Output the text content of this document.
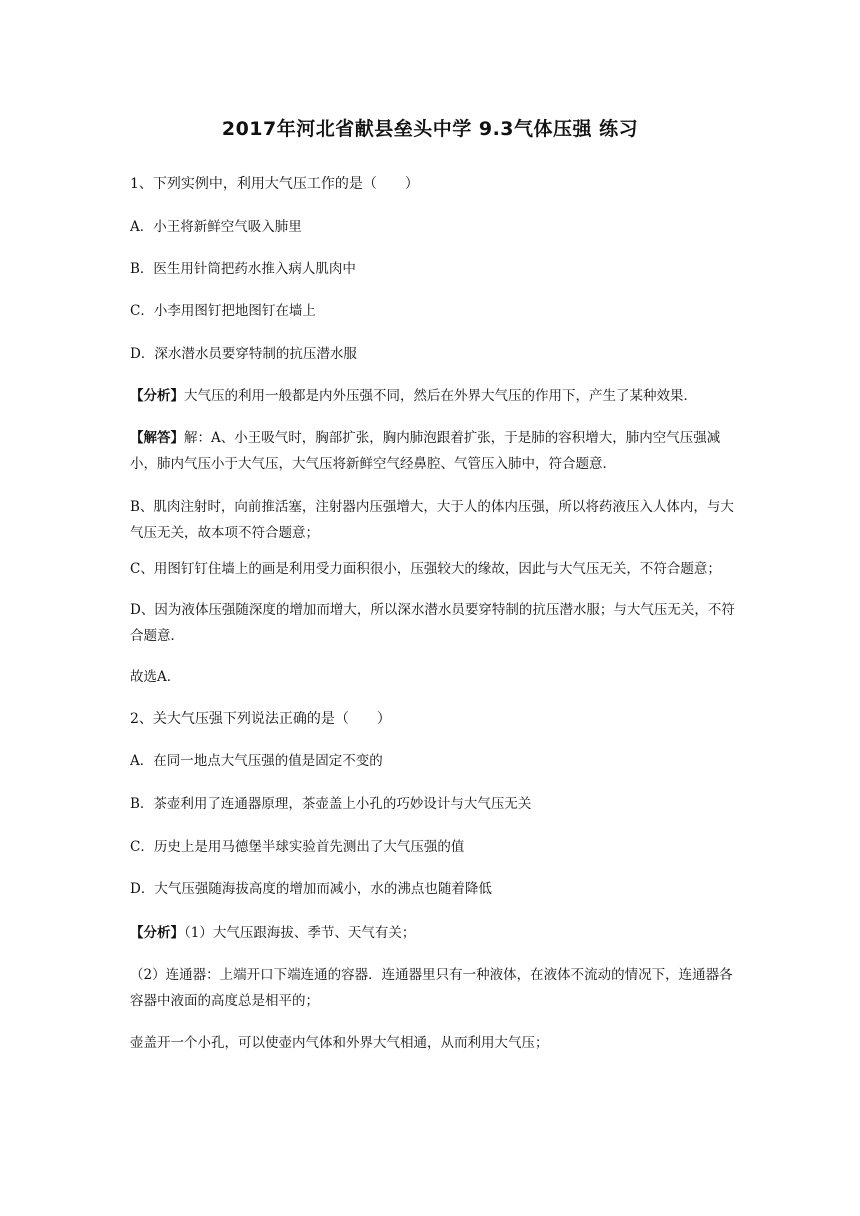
2017年河北省献县垒头中学 9.3气体压强 练习
1、下列实例中，利用大气压工作的是（　　）
A．小王将新鲜空气吸入肺里
B．医生用针筒把药水推入病人肌肉中
C．小李用图钉把地图钉在墙上
D．深水潜水员要穿特制的抗压潜水服
【分析】大气压的利用一般都是内外压强不同，然后在外界大气压的作用下，产生了某种效果．
【解答】解：A、小王吸气时，胸部扩张，胸内肺泡跟着扩张，于是肺的容积增大，肺内空气压强减小，肺内气压小于大气压，大气压将新鲜空气经鼻腔、气管压入肺中，符合题意．
B、肌肉注射时，向前推活塞，注射器内压强增大，大于人的体内压强，所以将药液压入人体内，与大气压无关，故本项不符合题意；
C、用图钉钉住墙上的画是利用受力面积很小，压强较大的缘故，因此与大气压无关，不符合题意；
D、因为液体压强随深度的增加而增大，所以深水潜水员要穿特制的抗压潜水服；与大气压无关，不符合题意．
故选A．
2、关大气压强下列说法正确的是（　　）
A．在同一地点大气压强的值是固定不变的
B．茶壶利用了连通器原理，茶壶盖上小孔的巧妙设计与大气压无关
C．历史上是用马德堡半球实验首先测出了大气压强的值
D．大气压强随海拔高度的增加而减小，水的沸点也随着降低
【分析】（1）大气压跟海拔、季节、天气有关；
（2）连通器：上端开口下端连通的容器．连通器里只有一种液体，在液体不流动的情况下，连通器各容器中液面的高度总是相平的；
壶盖开一个小孔，可以使壶内气体和外界大气相通，从而利用大气压；
